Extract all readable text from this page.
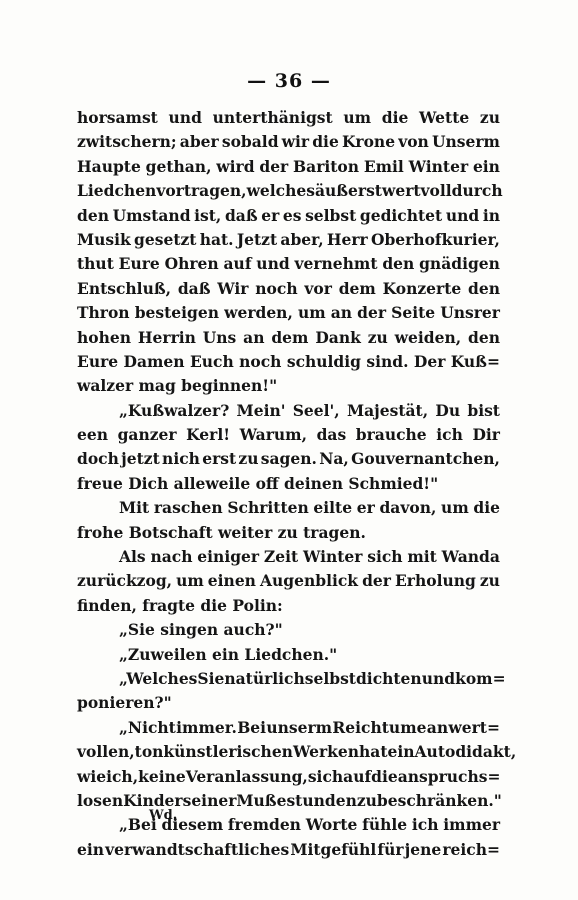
— 36 —
horsamst und unterthänigst um die Wette zu
zwitschern; aber sobald wir die Krone von Unserm
Haupte gethan, wird der Bariton Emil Winter ein
Liedchen vortragen, welches äußerst wertvoll durch
den Umstand ist, daß er es selbst gedichtet und in
Musik gesetzt hat. Jetzt aber, Herr Oberhofkurier,
thut Eure Ohren auf und vernehmt den gnädigen
Entschluß, daß Wir noch vor dem Konzerte den
Thron besteigen werden, um an der Seite Unsrer
hohen Herrin Uns an dem Dank zu weiden, den
Eure Damen Euch noch schuldig sind. Der Kuß=
walzer mag beginnen!"
„Kußwalzer? Mein' Seel', Majestät, Du bist
een ganzer Kerl! Warum, das brauche ich Dir
doch jetzt nich erst zu sagen. Na, Gouvernantchen,
freue Dich alleweile off deinen Schmied!"
Mit raschen Schritten eilte er davon, um die
frohe Botschaft weiter zu tragen.
Als nach einiger Zeit Winter sich mit Wanda
zurückzog, um einen Augenblick der Erholung zu
finden, fragte die Polin:
„Sie singen auch?"
„Zuweilen ein Liedchen."
„Welches Sie natürlich selbst dichten und kom=
ponieren?"
„Nicht immer. Bei unserm Reichtume an wert=
vollen, tonkünstlerischen Werken hat ein Autodidakt,
wie ich, keine Veranlassung, sich auf die anspruchs=
losen Kinder seiner Mußestunden zu beschränken."
„Bei diesem fremden Worte fühle ich immer
ein verwandtschaftliches Mitgefühl für jene reich=
Wd.
